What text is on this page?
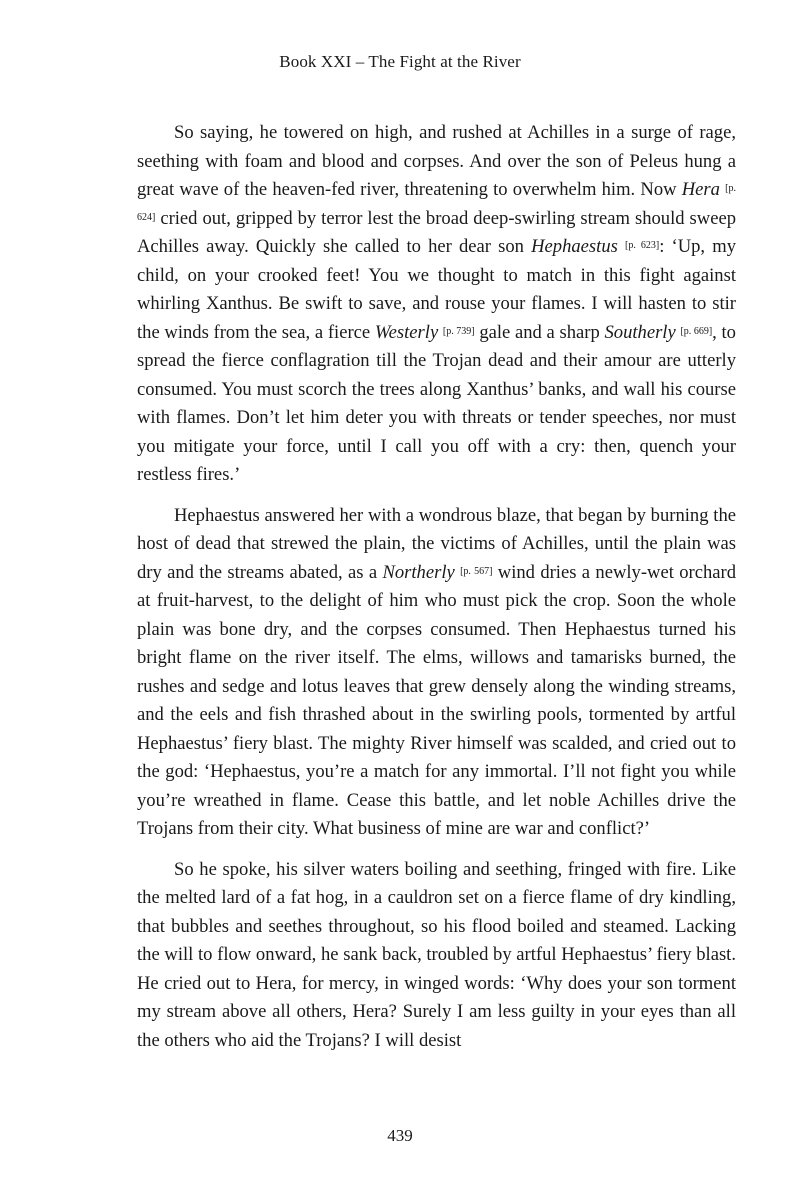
Book XXI – The Fight at the River

So saying, he towered on high, and rushed at Achilles in a surge of rage, seething with foam and blood and corpses. And over the son of Peleus hung a great wave of the heaven-fed river, threatening to overwhelm him. Now Hera [p. 624] cried out, gripped by terror lest the broad deep-swirling stream should sweep Achilles away. Quickly she called to her dear son Hephaestus [p. 623]: ‘Up, my child, on your crooked feet! You we thought to match in this fight against whirling Xanthus. Be swift to save, and rouse your flames. I will hasten to stir the winds from the sea, a fierce Westerly [p. 739] gale and a sharp Southerly [p. 669], to spread the fierce conflagration till the Trojan dead and their amour are utterly consumed. You must scorch the trees along Xanthus’ banks, and wall his course with flames. Don’t let him deter you with threats or tender speeches, nor must you mitigate your force, until I call you off with a cry: then, quench your restless fires.’

Hephaestus answered her with a wondrous blaze, that began by burning the host of dead that strewed the plain, the victims of Achilles, until the plain was dry and the streams abated, as a Northerly [p. 567] wind dries a newly-wet orchard at fruit-harvest, to the delight of him who must pick the crop. Soon the whole plain was bone dry, and the corpses consumed. Then Hephaestus turned his bright flame on the river itself. The elms, willows and tamarisks burned, the rushes and sedge and lotus leaves that grew densely along the winding streams, and the eels and fish thrashed about in the swirling pools, tormented by artful Hephaestus’ fiery blast. The mighty River himself was scalded, and cried out to the god: ‘Hephaestus, you’re a match for any immortal. I’ll not fight you while you’re wreathed in flame. Cease this battle, and let noble Achilles drive the Trojans from their city. What business of mine are war and conflict?’

So he spoke, his silver waters boiling and seething, fringed with fire. Like the melted lard of a fat hog, in a cauldron set on a fierce flame of dry kindling, that bubbles and seethes throughout, so his flood boiled and steamed. Lacking the will to flow onward, he sank back, troubled by artful Hephaestus’ fiery blast. He cried out to Hera, for mercy, in winged words: ‘Why does your son torment my stream above all others, Hera? Surely I am less guilty in your eyes than all the others who aid the Trojans? I will desist

439
